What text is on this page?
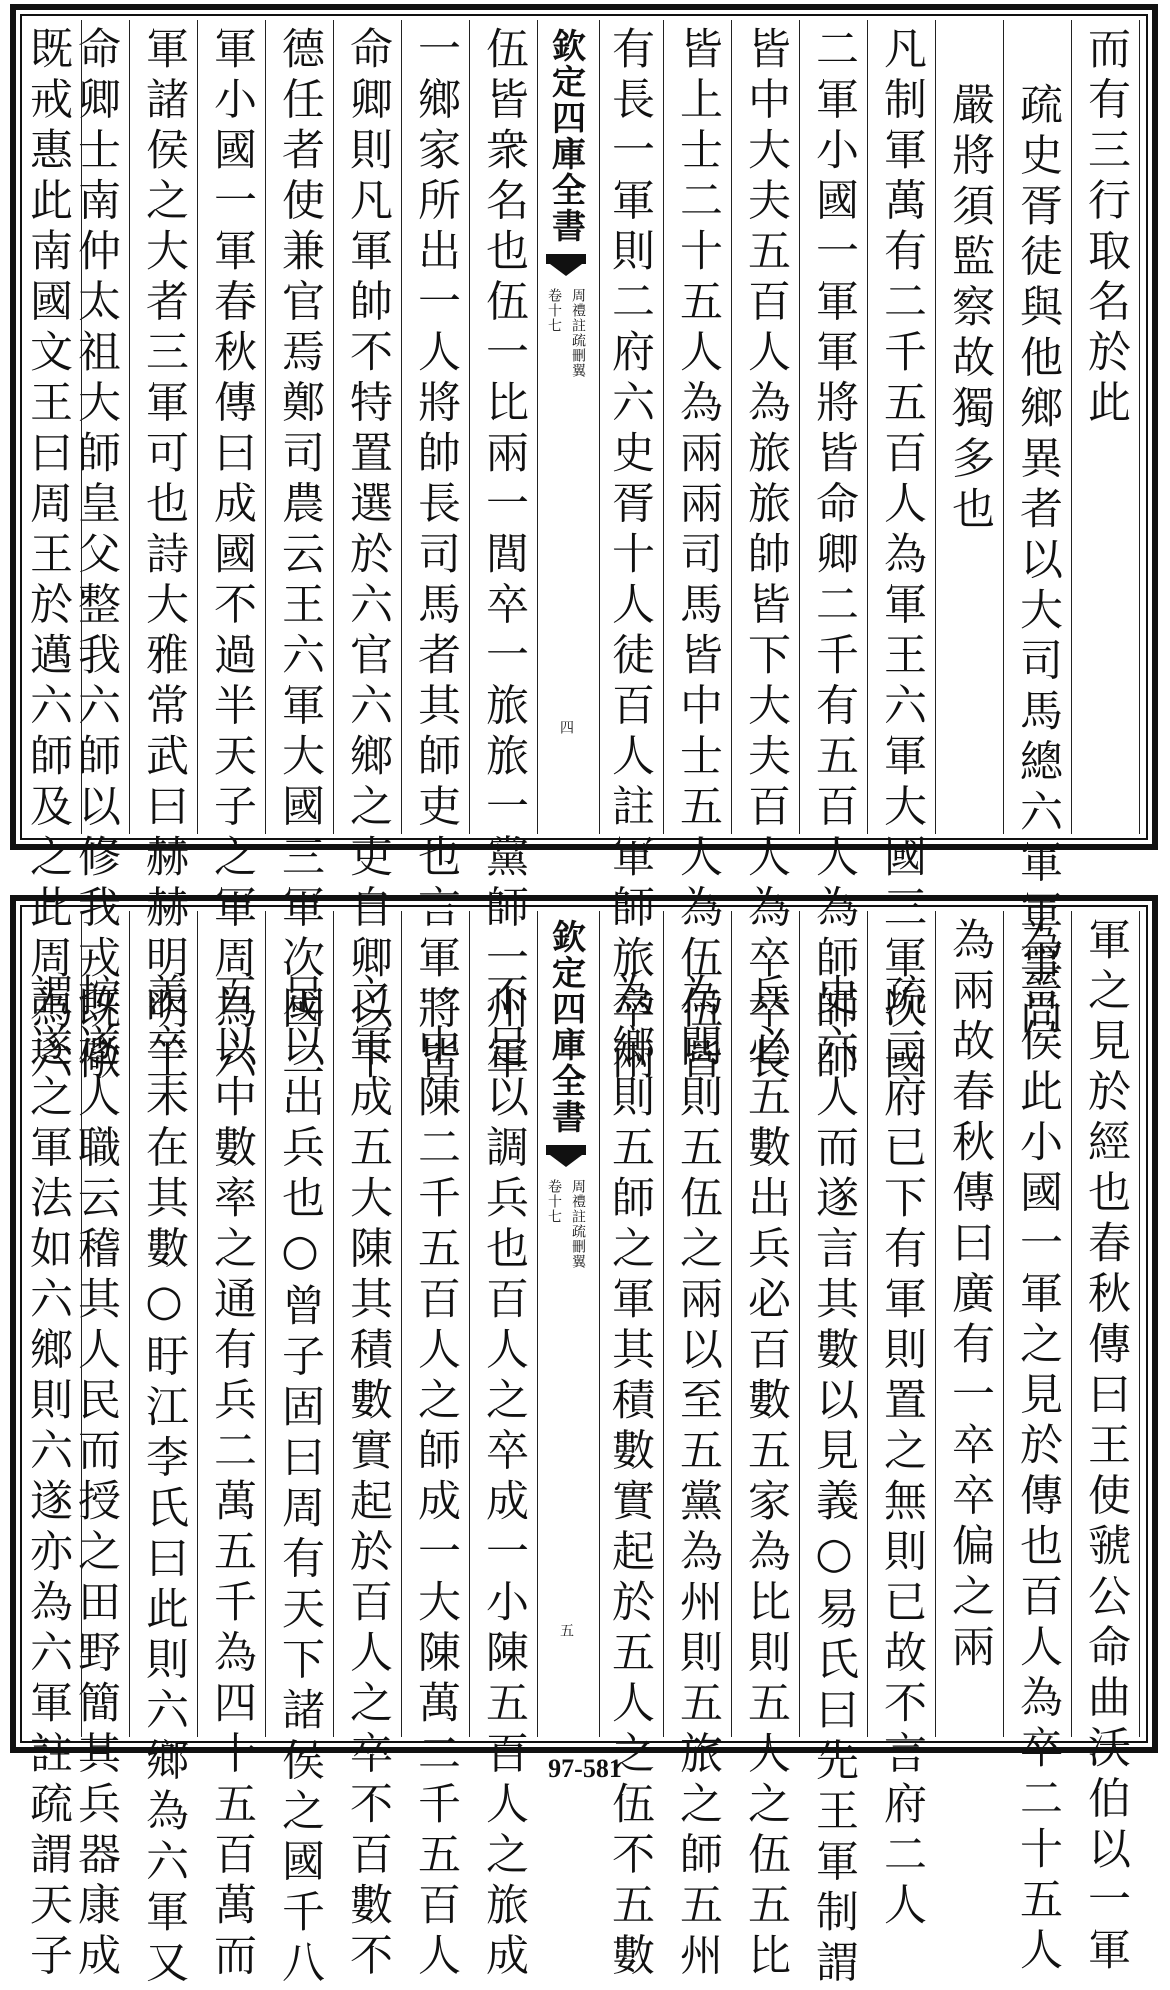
而有三行取名於此
疏史胥徒與他鄉異者以大司馬總六軍軍事尚
嚴將須監察故獨多也
凡制軍萬有二千五百人為軍王六軍大國三軍次國
二軍小國一軍軍將皆命卿二千有五百人為師師帥
皆中大夫五百人為旅旅帥皆下大夫百人為卒卒長
皆上士二十五人為兩兩司馬皆中士五人為伍伍皆
有長一軍則二府六史胥十人徒百人註軍師旅卒兩
伍皆衆名也伍一比兩一閭卒一旅旅一黨師一州軍
一鄉家所出一人將帥長司馬者其師吏也言軍將皆
命卿則凡軍帥不特置選於六官六鄉之吏自卿以下
德任者使兼官焉鄭司農云王六軍大國三軍次國二
軍小國一軍春秋傳曰成國不過半天子之軍周為六
軍諸侯之大者三軍可也詩大雅常武曰赫赫明明王
命卿士南仲太祖大師皇父整我六師以修我戎既儆
既戒惠此南國文王曰周王於邁六師及之此周為六	欽定四庫全書
周禮註疏刪翼
卷十七
四
軍之見於經也春秋傳曰王使虢公命曲沃伯以一軍
為晉侯此小國一軍之見於傳也百人為卒二十五人
為兩故春秋傳曰廣有一卒卒偏之兩
疏二府已下有軍則置之無則已故不言府二人
史六人而遂言其數以見義○易氏曰先王軍制謂
兵必五數出兵必百數五家為比則五人之伍五比
為閭則五伍之兩以至五黨為州則五旅之師五州
為鄉則五師之軍其積數實起於五人之伍不五數
不足以調兵也百人之卒成一小陳五百人之旅成
一中陳二千五百人之師成一大陳萬二千五百人
之軍成五大陳其積數實起於百人之卒不百數不
足以出兵也○曾子固曰周有天下諸侯之國千八
百以中數率之通有兵二萬五千為四十五百萬而
羨卒未在其數○盱江李氏曰此則六鄉為六軍又
按遂人職云稽其人民而授之田野簡其兵器康成
謂遂之軍法如六鄉則六遂亦為六軍註疏謂天子	欽定四庫全書
周禮註疏刪翼
卷十七
五
97-581
